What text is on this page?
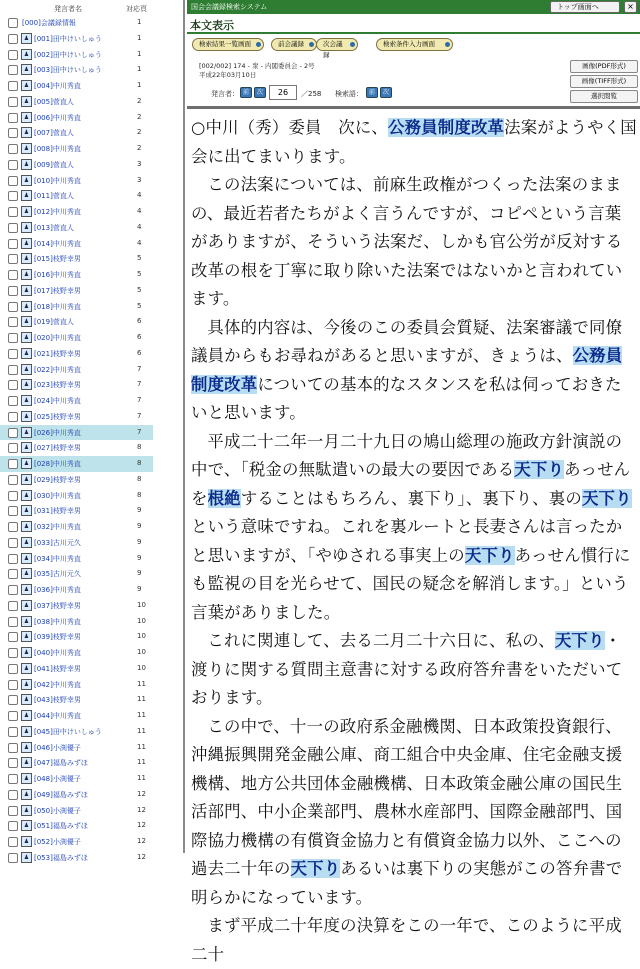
発言者名	対応頁
[000]会議録情報	1
♟ [001]田中けいしゅう	1
♟ [002]田中けいしゅう	1
♟ [003]田中けいしゅう	1
♟ [004]中川秀直	1
♟ [005]菅直人	2
♟ [006]中川秀直	2
♟ [007]菅直人	2
♟ [008]中川秀直	2
♟ [009]菅直人	3
♟ [010]中川秀直	3
♟ [011]菅直人	4
♟ [012]中川秀直	4
♟ [013]菅直人	4
♟ [014]中川秀直	4
♟ [015]枝野幸男	5
♟ [016]中川秀直	5
♟ [017]枝野幸男	5
♟ [018]中川秀直	5
♟ [019]菅直人	6
♟ [020]中川秀直	6
♟ [021]枝野幸男	6
♟ [022]中川秀直	7
♟ [023]枝野幸男	7
♟ [024]中川秀直	7
♟ [025]枝野幸男	7
♟ [026]中川秀直	7
♟ [027]枝野幸男	8
♟ [028]中川秀直	8
♟ [029]枝野幸男	8
♟ [030]中川秀直	8
♟ [031]枝野幸男	9
♟ [032]中川秀直	9
♟ [033]古川元久	9
♟ [034]中川秀直	9
♟ [035]古川元久	9
♟ [036]中川秀直	9
♟ [037]枝野幸男	10
♟ [038]中川秀直	10
♟ [039]枝野幸男	10
♟ [040]中川秀直	10
♟ [041]枝野幸男	10
♟ [042]中川秀直	11
♟ [043]枝野幸男	11
♟ [044]中川秀直	11
♟ [045]田中けいしゅう	11
♟ [046]小渕優子	11
♟ [047]福島みずほ	11
♟ [048]小渕優子	11
♟ [049]福島みずほ	12
♟ [050]小渕優子	12
♟ [051]福島みずほ	12
♟ [052]小渕優子	12
♟ [053]福島みずほ	12
国会会議録検索システム	トップ画面へ	×
本文表示
検索結果一覧画面	前会議録	次会議録
検索条件入力画面
[002/002] 174 - 衆 - 内閣委員会 - 2号
平成22年03月10日
画像(PDF形式)
画像(TIFF形式)
選択閲覧
発言者： 前	次
26	／258 検索語： 前	次

○中川（秀）委員　次に、公務員制度改革法案がようやく国会に出てまいります。

この法案については、前麻生政権がつくった法案のままの、最近若者たちがよく言うんですが、コピペという言葉がありますが、そういう法案だ、しかも官公労が反対する改革の根を丁寧に取り除いた法案ではないかと言われています。

具体的内容は、今後のこの委員会質疑、法案審議で同僚議員からもお尋ねがあると思いますが、きょうは、公務員制度改革についての基本的なスタンスを私は伺っておきたいと思います。

平成二十二年一月二十九日の鳩山総理の施政方針演説の中で、「税金の無駄遣いの最大の要因である天下りあっせんを根絶することはもちろん、裏下り」、裏下り、裏の天下りという意味ですね。これを裏ルートと長妻さんは言ったかと思いますが、「やゆされる事実上の天下りあっせん慣行にも監視の目を光らせて、国民の疑念を解消します。」という言葉がありました。

これに関連して、去る二月二十六日に、私の、天下り・渡りに関する質問主意書に対する政府答弁書をいただいております。

この中で、十一の政府系金融機関、日本政策投資銀行、沖縄振興開発金融公庫、商工組合中央金庫、住宅金融支援機構、地方公共団体金融機構、日本政策金融公庫の国民生活部門、中小企業部門、農林水産部門、国際金融部門、国際協力機構の有償資金協力と有償資金協力以外、ここへの過去二十年の天下りあるいは裏下りの実態がこの答弁書で明らかになっています。

まず平成二十年度の決算をこの一年で、このように平成二十
